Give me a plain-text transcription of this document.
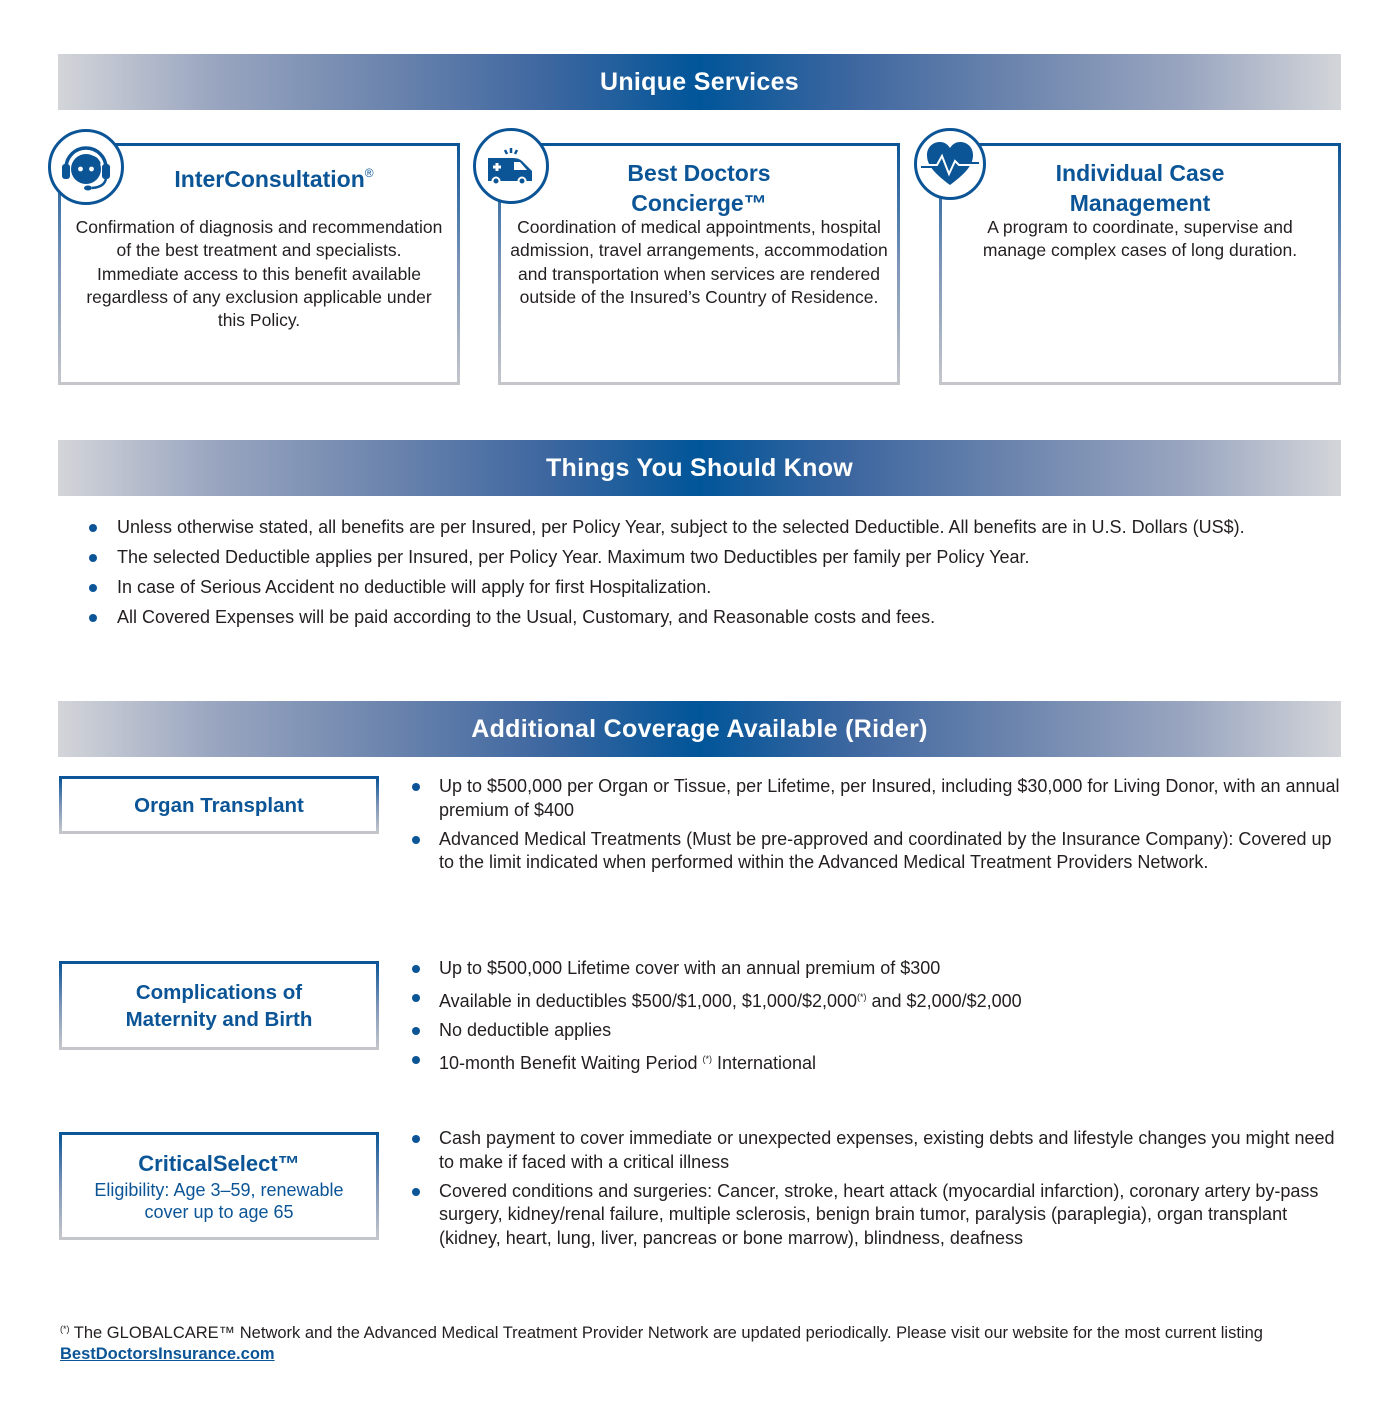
Unique Services
InterConsultation®
Confirmation of diagnosis and recommendation of the best treatment and specialists. Immediate access to this benefit available regardless of any exclusion applicable under this Policy.
Best Doctors Concierge™
Coordination of medical appointments, hospital admission, travel arrangements, accommodation and transportation when services are rendered outside of the Insured’s Country of Residence.
Individual Case Management
A program to coordinate, supervise and manage complex cases of long duration.
Things You Should Know
Unless otherwise stated, all benefits are per Insured, per Policy Year, subject to the selected Deductible. All benefits are in U.S. Dollars (US$).
The selected Deductible applies per Insured, per Policy Year. Maximum two Deductibles per family per Policy Year.
In case of Serious Accident no deductible will apply for first Hospitalization.
All Covered Expenses will be paid according to the Usual, Customary, and Reasonable costs and fees.
Additional Coverage Available (Rider)
Organ Transplant
Up to $500,000 per Organ or Tissue, per Lifetime, per Insured, including $30,000 for Living Donor, with an annual premium of $400
Advanced Medical Treatments (Must be pre-approved and coordinated by the Insurance Company): Covered up to the limit indicated when performed within the Advanced Medical Treatment Providers Network.
Complications of
Maternity and Birth
Up to $500,000 Lifetime cover with an annual premium of $300
Available in deductibles $500/$1,000, $1,000/$2,000(*) and $2,000/$2,000
No deductible applies
10-month Benefit Waiting Period (*) International
CriticalSelect™
Eligibility: Age 3–59, renewable
cover up to age 65
Cash payment to cover immediate or unexpected expenses, existing debts and lifestyle changes you might need to make if faced with a critical illness
Covered conditions and surgeries: Cancer, stroke, heart attack (myocardial infarction), coronary artery by-pass surgery, kidney/renal failure, multiple sclerosis, benign brain tumor, paralysis (paraplegia), organ transplant (kidney, heart, lung, liver, pancreas or bone marrow), blindness, deafness
(*) The GLOBALCARE™ Network and the Advanced Medical Treatment Provider Network are updated periodically. Please visit our website for the most current listing BestDoctorsInsurance.com
